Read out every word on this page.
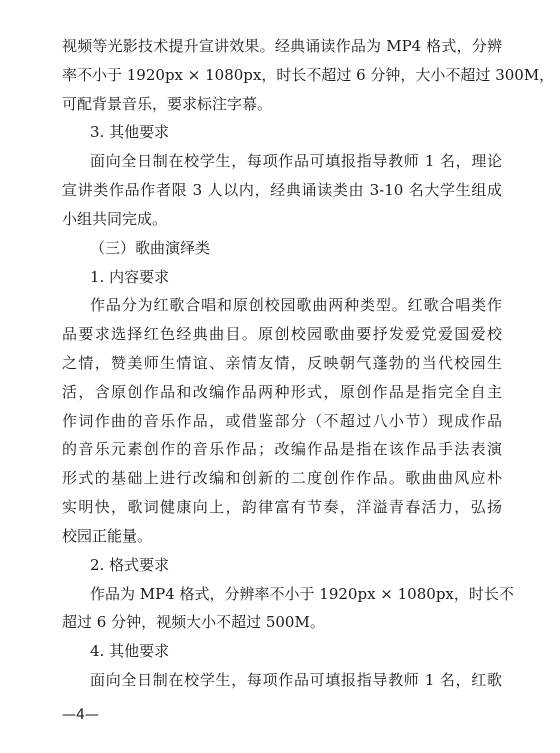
视频等光影技术提升宣讲效果。经典诵读作品为 MP4 格式，分辨
率不小于 1920px × 1080px，时长不超过 6 分钟，大小不超过 300M，
可配背景音乐，要求标注字幕。
3. 其他要求
面向全日制在校学生，每项作品可填报指导教师 1 名，理论
宣讲类作品作者限 3 人以内，经典诵读类由 3-10 名大学生组成
小组共同完成。
（三）歌曲演绎类
1. 内容要求
作品分为红歌合唱和原创校园歌曲两种类型。红歌合唱类作
品要求选择红色经典曲目。原创校园歌曲要抒发爱党爱国爱校
之情，赞美师生情谊、亲情友情，反映朝气蓬勃的当代校园生
活，含原创作品和改编作品两种形式，原创作品是指完全自主
作词作曲的音乐作品，或借鉴部分（不超过八小节）现成作品
的音乐元素创作的音乐作品；改编作品是指在该作品手法表演
形式的基础上进行改编和创新的二度创作作品。歌曲曲风应朴
实明快，歌词健康向上，韵律富有节奏，洋溢青春活力，弘扬
校园正能量。
2. 格式要求
作品为 MP4 格式，分辨率不小于 1920px × 1080px，时长不
超过 6 分钟，视频大小不超过 500M。
4. 其他要求
面向全日制在校学生，每项作品可填报指导教师 1 名，红歌
—4—
